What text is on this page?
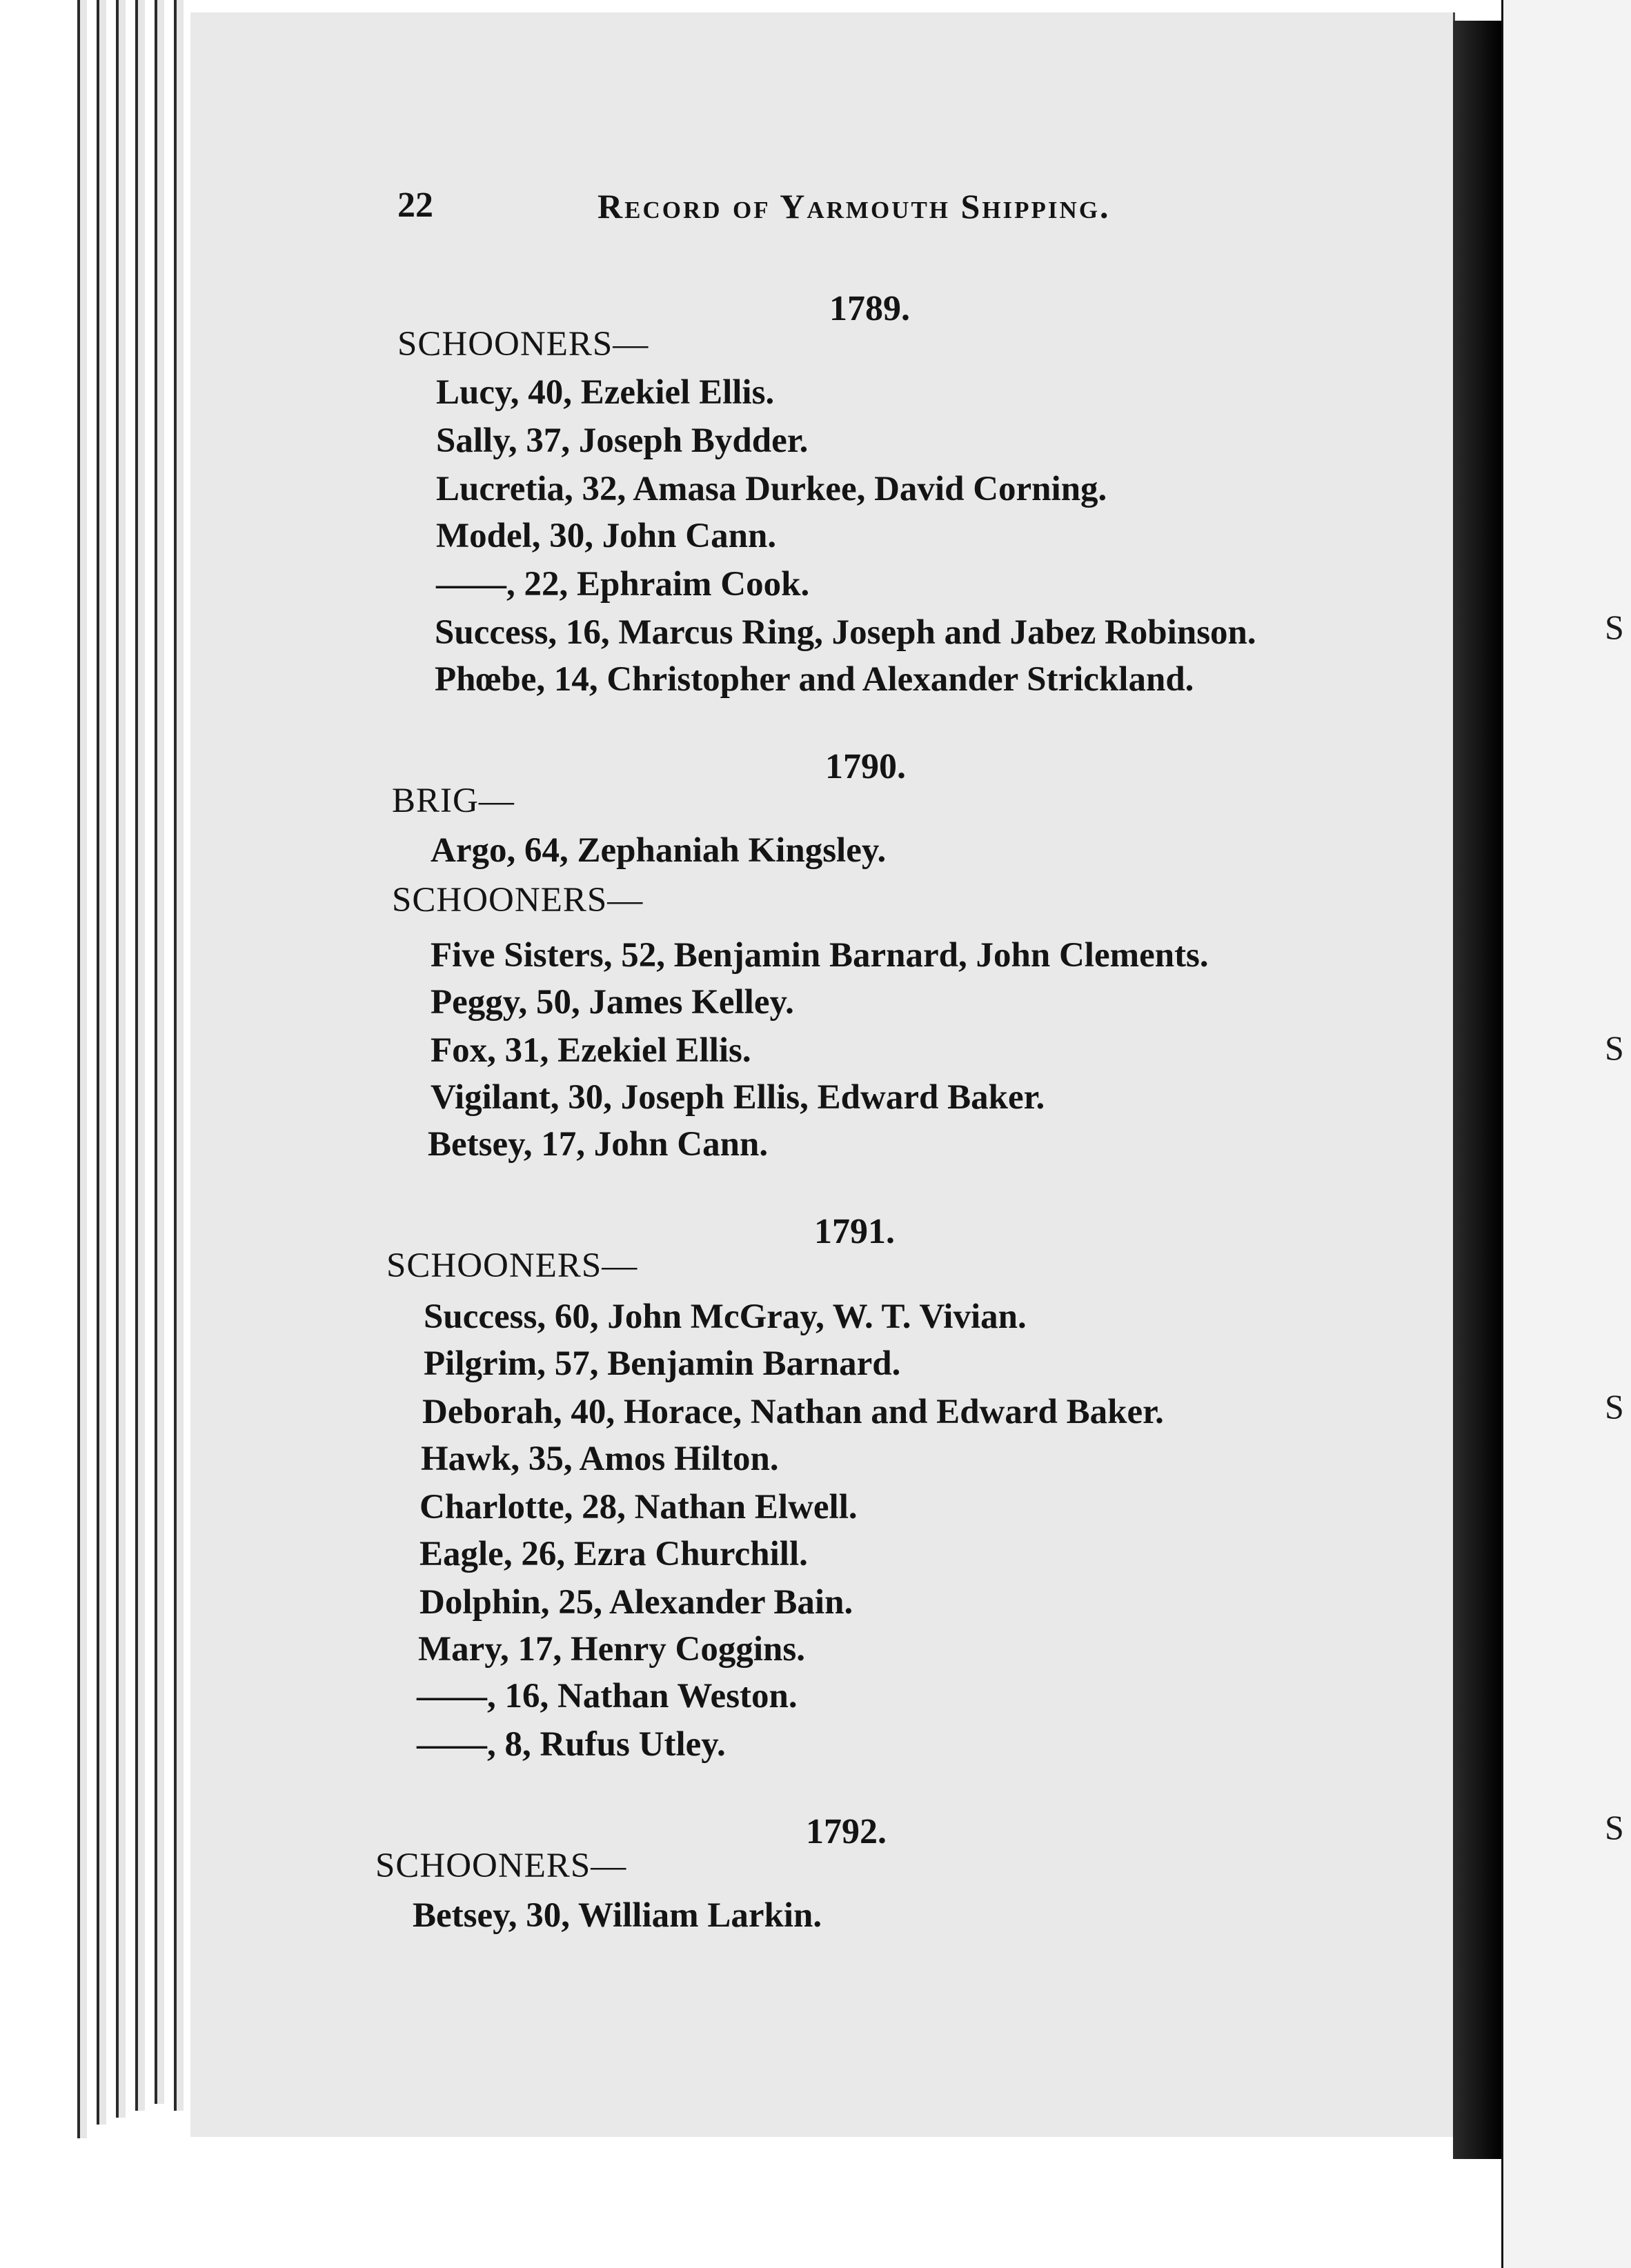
22	Record of Yarmouth Shipping.
1789.
SCHOONERS—
Lucy, 40, Ezekiel Ellis.
Sally, 37, Joseph Bydder.
Lucretia, 32, Amasa Durkee, David Corning.
Model, 30, John Cann.
——, 22, Ephraim Cook.
Success, 16, Marcus Ring, Joseph and Jabez Robinson.
Phœbe, 14, Christopher and Alexander Strickland.
1790.
BRIG—
Argo, 64, Zephaniah Kingsley.
SCHOONERS—
Five Sisters, 52, Benjamin Barnard, John Clements.
Peggy, 50, James Kelley.
Fox, 31, Ezekiel Ellis.
Vigilant, 30, Joseph Ellis, Edward Baker.
Betsey, 17, John Cann.
1791.
SCHOONERS—
Success, 60, John McGray, W. T. Vivian.
Pilgrim, 57, Benjamin Barnard.
Deborah, 40, Horace, Nathan and Edward Baker.
Hawk, 35, Amos Hilton.
Charlotte, 28, Nathan Elwell.
Eagle, 26, Ezra Churchill.
Dolphin, 25, Alexander Bain.
Mary, 17, Henry Coggins.
——, 16, Nathan Weston.
——, 8, Rufus Utley.
1792.
SCHOONERS—
Betsey, 30, William Larkin.
S
S
S
S
